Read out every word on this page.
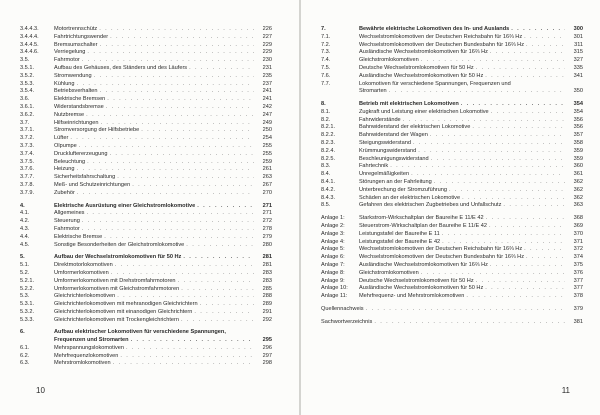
3.4.4.3.	Motortrennschütz . . .	226
3.4.4.4.	Fahrtrichtungswender . . .	227
3.4.4.5.	Bremsumschalter . . .	229
3.4.4.6.	Verriegelung . . .	229
3.5.	Fahrmotor . . .	230
3.5.1.	Aufbau des Gehäuses, des Ständers und des Läufers . . .	231
3.5.2.	Stromwendung . . .	235
3.5.3.	Kühlung . . .	237
3.5.4.	Betriebsverhalten . . .	241
3.6.	Elektrische Bremsen . . .	241
3.6.1.	Widerstandsbremse . . .	242
3.6.2.	Nutzbremse . . .	247
3.7.	Hilfseinrichtungen . . .	249
3.7.1.	Stromversorgung der Hilfsbetriebe . . .	250
3.7.2.	Lüfter . . .	254
3.7.3.	Ölpumpe . . .	255
3.7.4.	Druckluftererzeugung . . .	255
3.7.5.	Beleuchtung . . .	259
3.7.6.	Heizung . . .	261
3.7.7.	Sicherheitsfahrschaltung . . .	263
3.7.8.	Meß- und Schutzeinrichtungen . . .	267
3.7.9.	Zubehör . . .	270
4.	Elektrische Ausrüstung einer Gleichstromlokomotive . . .	271
4.1.	Allgemeines . . .	271
4.2.	Steuerung . . .	272
4.3.	Fahrmotor . . .	278
4.4.	Elektrische Bremse . . .	279
4.5.	Sonstige Besonderheiten der Gleichstromlokomotive . . .	280
5.	Aufbau der Wechselstromlokomotiven für 50 Hz . . .	281
5.1.	Direktmotorlokomotiven . . .	281
5.2.	Umformerlokomotiven . . .	283
5.2.1.	Umformerlokomotiven mit Drehstromfahrmotoren . . .	283
5.2.2.	Umformerlokomotiven mit Gleichstromfahrmotoren . . .	285
5.3.	Gleichrichterlokomotiven . . .	288
5.3.1.	Gleichrichterlokomotiven mit mehranodigen Gleichrichtern . . .	289
5.3.2.	Gleichrichterlokomotiven mit einanodigen Gleichrichtern . . .	291
5.3.3.	Gleichrichterlokomotiven mit Trockengleichrichtern . . .	292
6.	Aufbau elektrischer Lokomotiven für verschiedene Spannungen,
Frequenzen und Stromarten . . .	295
6.1.	Mehrspannungslokomotiven . . .	296
6.2.	Mehrfrequenzlokomotiven . . .	297
6.3.	Mehrstromlokomotiven . . .	298
10
7.	Bewährte elektrische Lokomotiven des In- und Auslands . . .	300
7.1.	Wechselstromlokomotiven der Deutschen Reichsbahn für 16⅔ Hz . . .	301
7.2.	Wechselstromlokomotiven der Deutschen Bundesbahn für 16⅔ Hz . . .	311
7.3.	Ausländische Wechselstromlokomotiven für 16⅔ Hz . . .	315
7.4.	Gleichstromlokomotiven . . .	327
7.5.	Deutsche Wechselstromlokomotiven für 50 Hz . . .	335
7.6.	Ausländische Wechselstromlokomotiven für 50 Hz . . .	341
7.7.	Lokomotiven für verschiedene Spannungen, Frequenzen und
Stromarten . . .	350
8.	Betrieb mit elektrischen Lokomotiven . . .	354
8.1.	Zugkraft und Leistung einer elektrischen Lokomotive . . .	354
8.2.	Fahrwiderstände . . .	356
8.2.1.	Bahnwiderstand der elektrischen Lokomotive . . .	356
8.2.2.	Bahnwiderstand der Wagen . . .	357
8.2.3.	Steigungswiderstand . . .	358
8.2.4.	Krümmungswiderstand . . .	359
8.2.5.	Beschleunigungswiderstand . . .	359
8.3.	Fahrtechnik . . .	360
8.4.	Unregelmäßigkeiten . . .	361
8.4.1.	Störungen an der Fahrleitung . . .	362
8.4.2.	Unterbrechung der Stromzuführung . . .	362
8.4.3.	Schäden an der elektrischen Lokomotive . . .	362
8.5.	Gefahren des elektrischen Zugbetriebes und Unfallschutz . . .	363
Anlage 1:	Starkstrom-Wirkschaltplan der Baureihe E 11/E 42 . . .	368
Anlage 2:	Steuerstrom-Wirkschaltplan der Baureihe E 11/E 42 . . .	369
Anlage 3:	Leistungstafel der Baureihe E 11 . . .	370
Anlage 4:	Leistungstafel der Baureihe E 42 . . .	371
Anlage 5:	Wechselstromlokomotiven der Deutschen Reichsbahn für 16⅔ Hz . . .	372
Anlage 6:	Wechselstromlokomotiven der Deutschen Bundesbahn für 16⅔ Hz . . .	374
Anlage 7:	Ausländische Wechselstromlokomotiven für 16⅔ Hz . . .	375
Anlage 8:	Gleichstromlokomotiven . . .	376
Anlage 9:	Deutsche Wechselstromlokomotiven für 50 Hz . . .	377
Anlage 10:	Ausländische Wechselstromlokomotiven für 50 Hz . . .	377
Anlage 11:	Mehrfrequenz- und Mehrstromlokomotiven . . .	378
Quellennachweis . . .	379
Sachwortverzeichnis . . .	381
11
